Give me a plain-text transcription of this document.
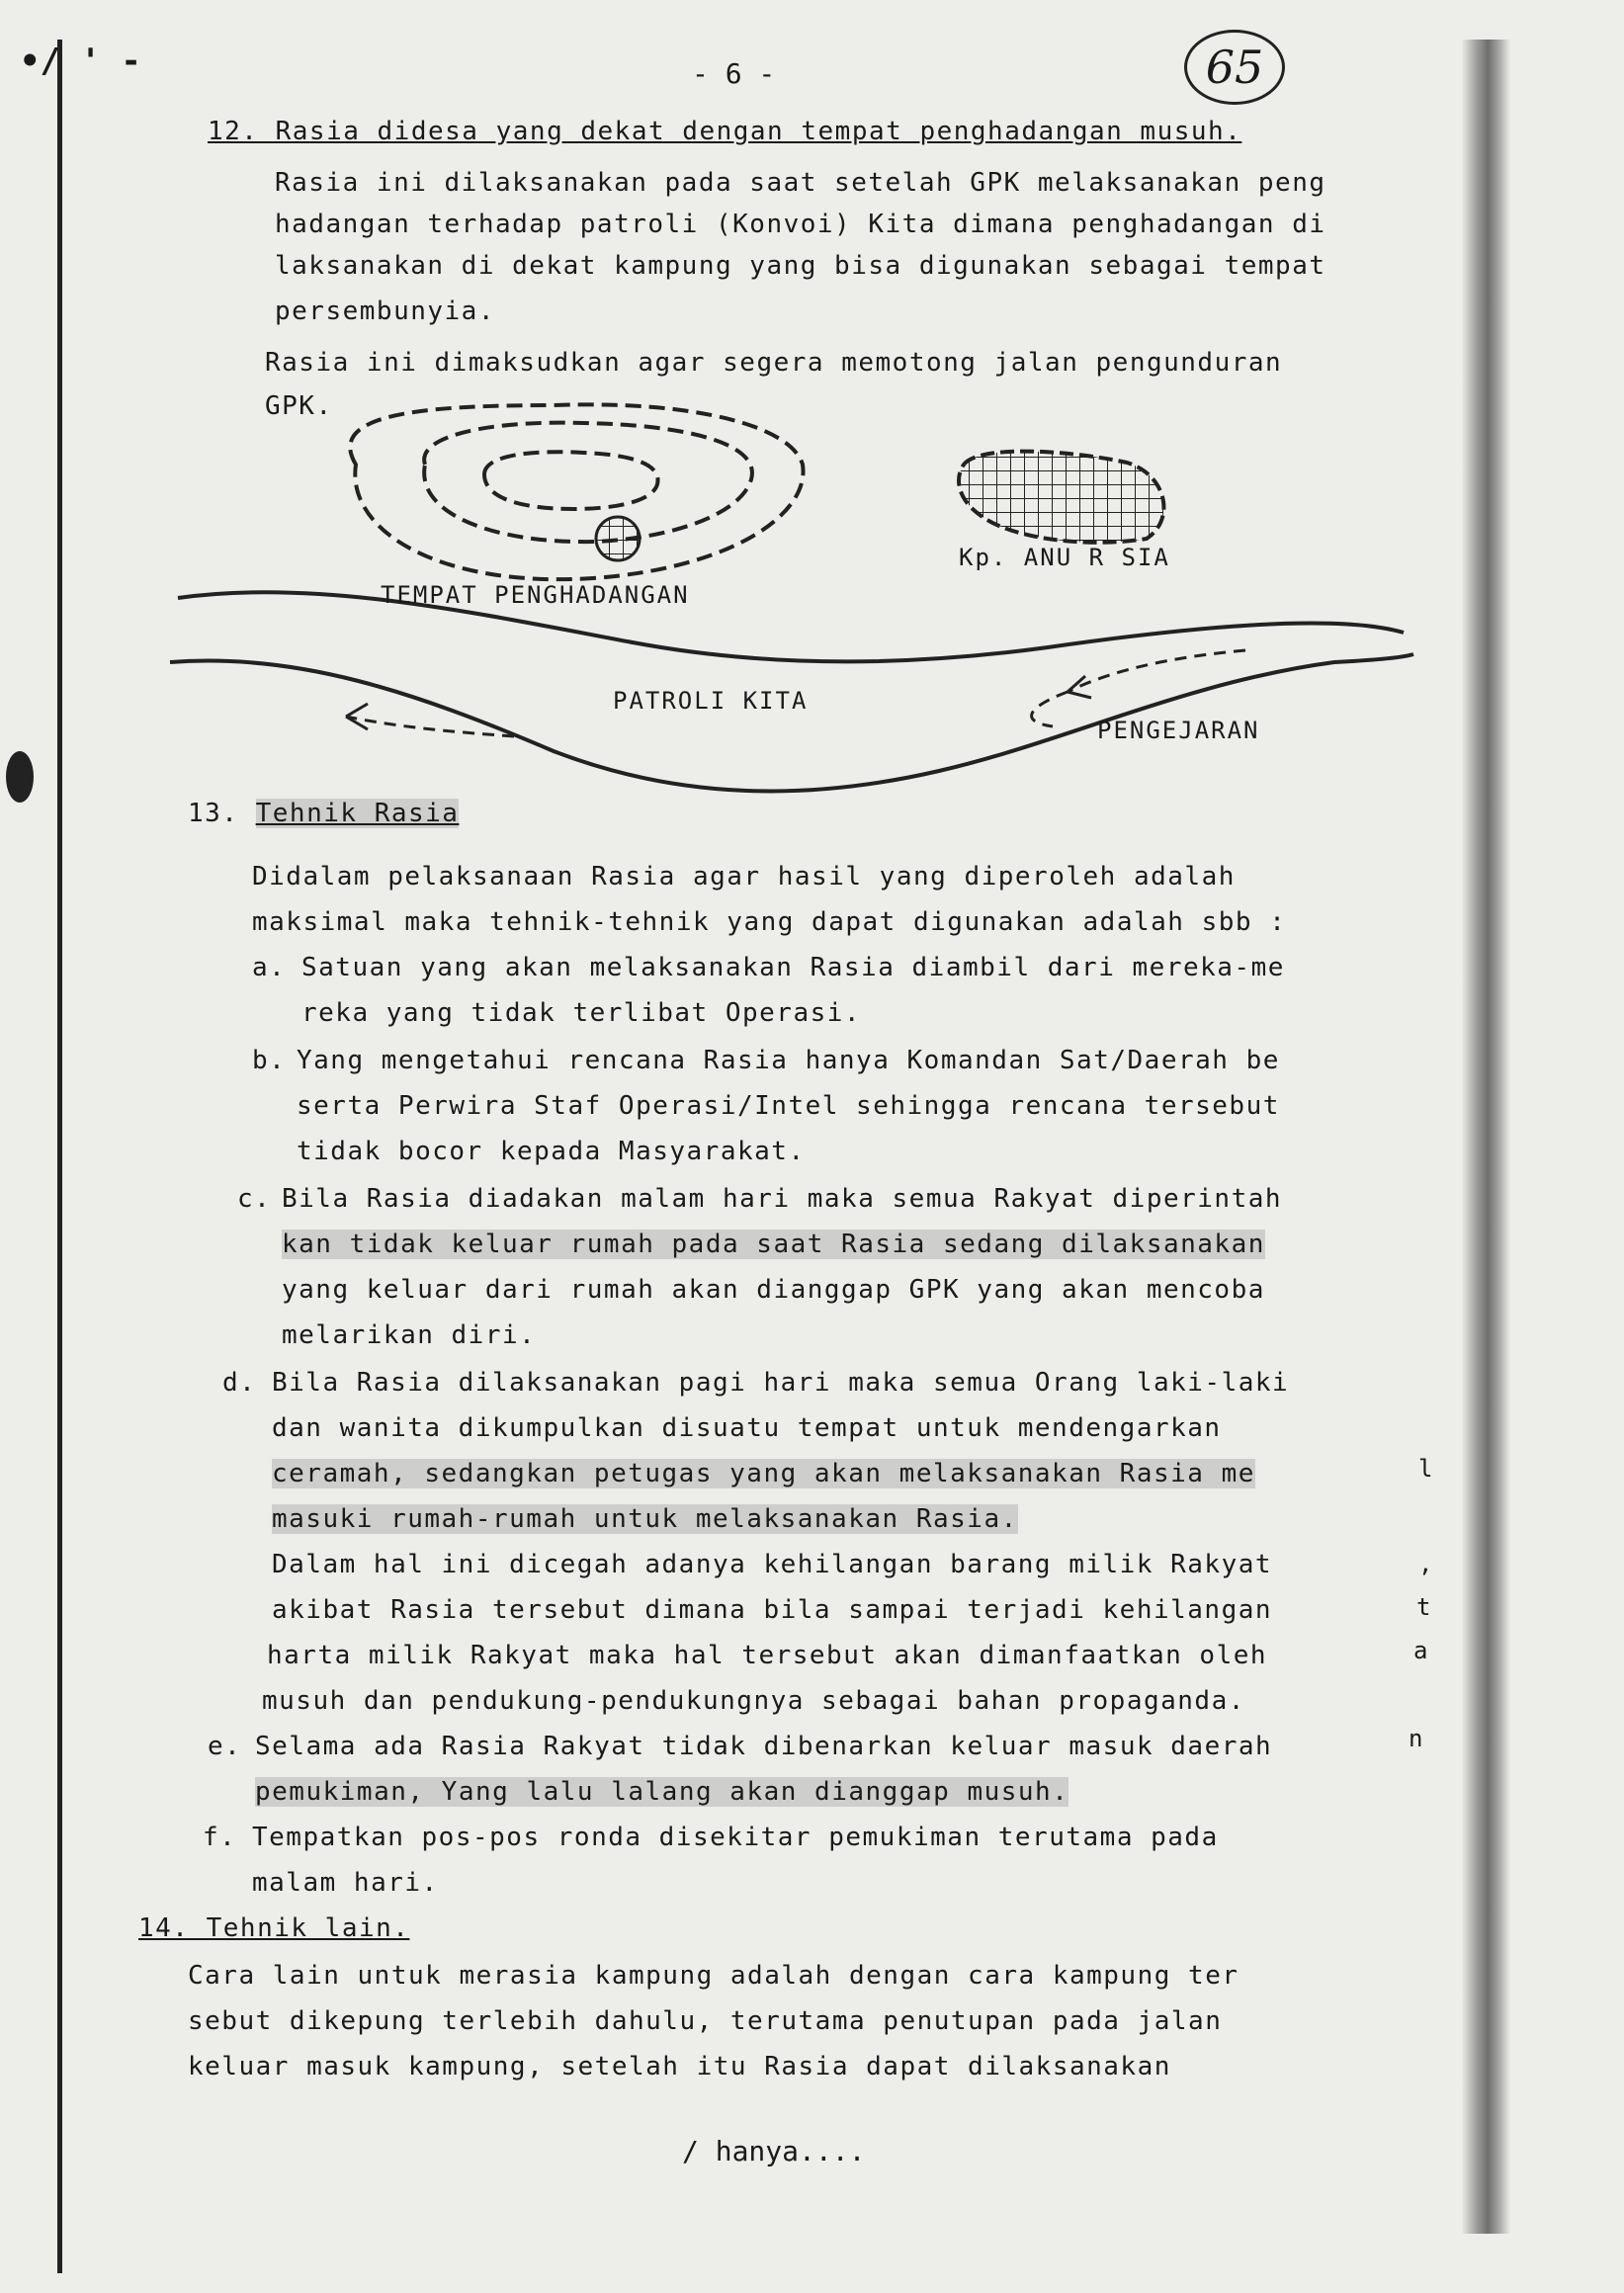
•/ ' -	- 6 -	65
12. Rasia didesa yang dekat dengan tempat penghadangan musuh.
Rasia ini dilaksanakan pada saat setelah GPK melaksanakan peng
hadangan terhadap patroli (Konvoi) Kita dimana penghadangan di
laksanakan di dekat kampung yang bisa digunakan sebagai tempat
persembunyia.
Rasia ini dimaksudkan agar segera memotong jalan pengunduran
GPK.
TEMPAT PENGHADANGAN
Kp. ANU R SIA
PATROLI KITA
PENGEJARAN
13. Tehnik Rasia
Didalam pelaksanaan Rasia agar hasil yang diperoleh adalah
maksimal maka tehnik-tehnik yang dapat digunakan adalah sbb :
a. Satuan yang akan melaksanakan Rasia diambil dari mereka-me
reka yang tidak terlibat Operasi.
b. Yang mengetahui rencana Rasia hanya Komandan Sat/Daerah be
serta Perwira Staf Operasi/Intel sehingga rencana tersebut
tidak bocor kepada Masyarakat.
c. Bila Rasia diadakan malam hari maka semua Rakyat diperintah
kan tidak keluar rumah pada saat Rasia sedang dilaksanakan
yang keluar dari rumah akan dianggap GPK yang akan mencoba
melarikan diri.
d. Bila Rasia dilaksanakan pagi hari maka semua Orang laki-laki
dan wanita dikumpulkan disuatu tempat untuk mendengarkan
ceramah, sedangkan petugas yang akan melaksanakan Rasia me
masuki rumah-rumah untuk melaksanakan Rasia.
Dalam hal ini dicegah adanya kehilangan barang milik Rakyat
akibat Rasia tersebut dimana bila sampai terjadi kehilangan
harta milik Rakyat maka hal tersebut akan dimanfaatkan oleh
musuh dan pendukung-pendukungnya sebagai bahan propaganda.
e. Selama ada Rasia Rakyat tidak dibenarkan keluar masuk daerah
pemukiman, Yang lalu lalang akan dianggap musuh.
f. Tempatkan pos-pos ronda disekitar pemukiman terutama pada
malam hari.
14. Tehnik lain.
Cara lain untuk merasia kampung adalah dengan cara kampung ter
sebut dikepung terlebih dahulu, terutama penutupan pada jalan
keluar masuk kampung, setelah itu Rasia dapat dilaksanakan
l
,
t
a
n
/ hanya....
